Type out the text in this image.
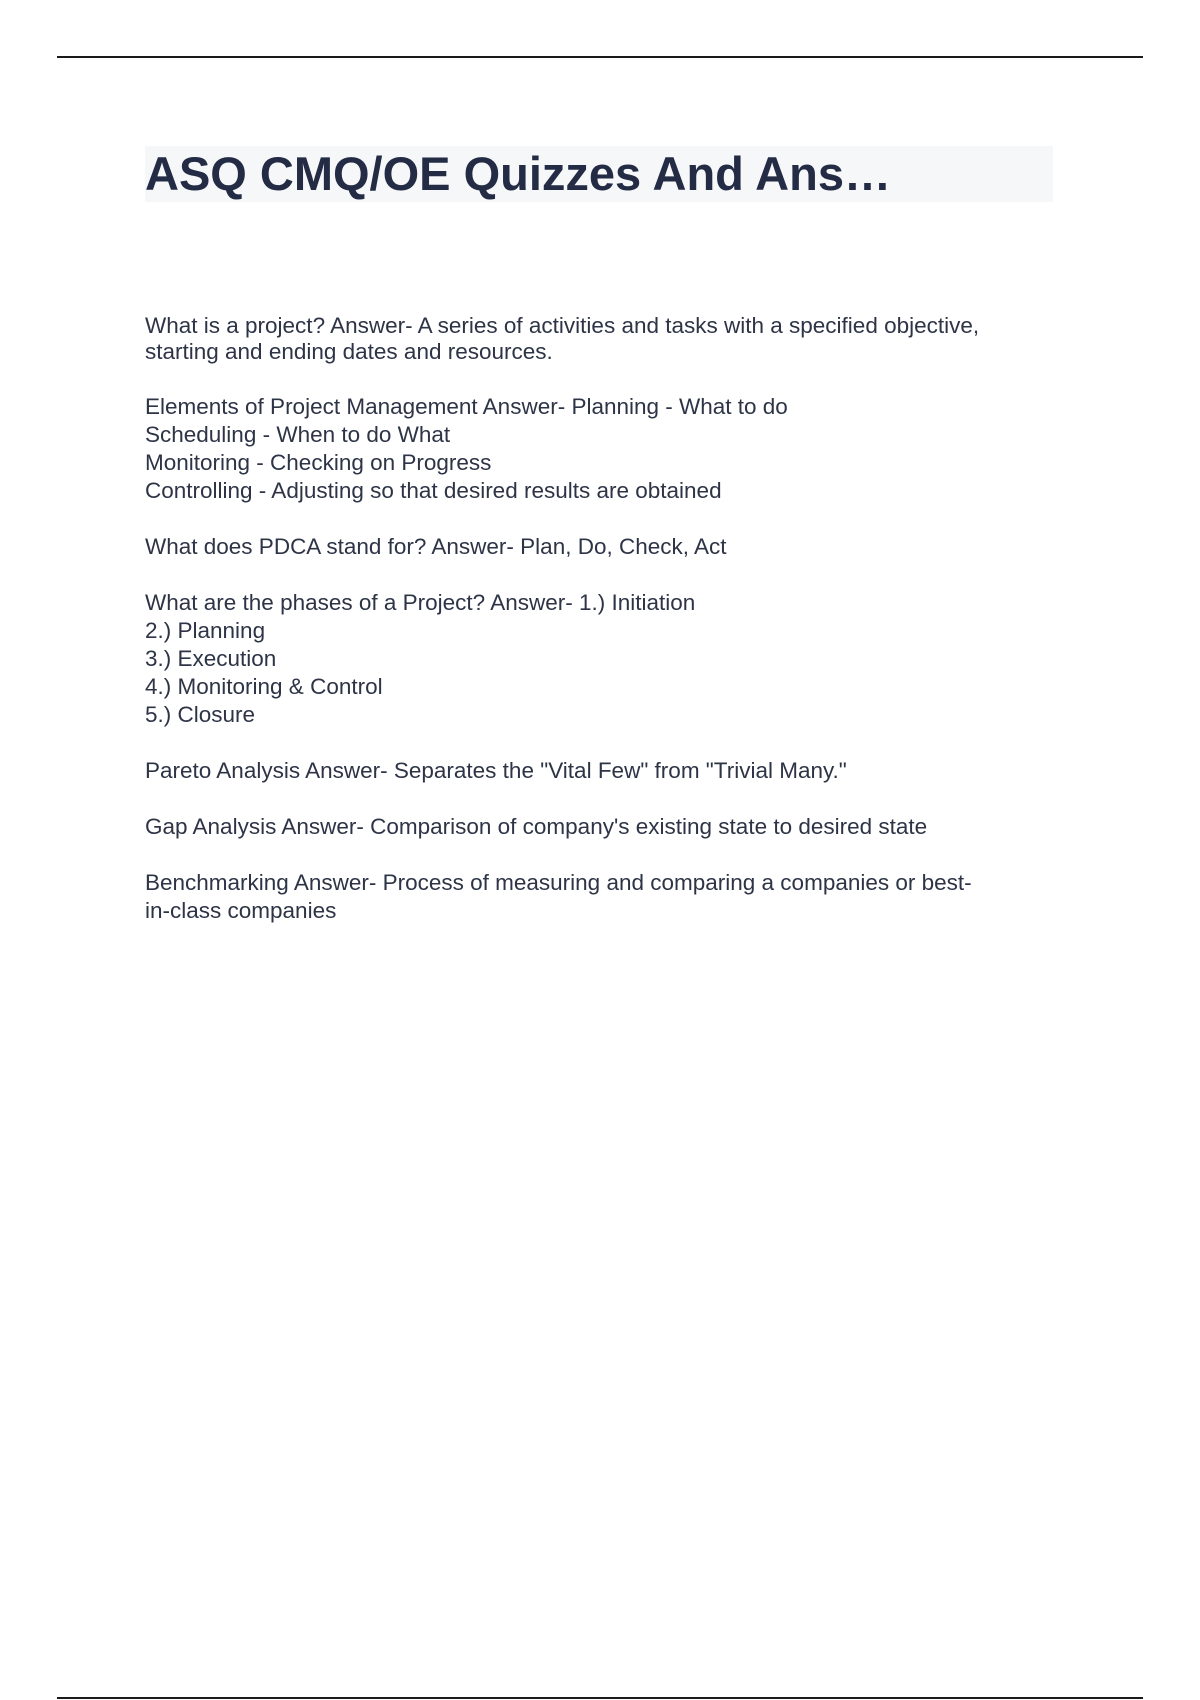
ASQ CMQ/OE Quizzes And Ans…
What is a project? Answer- A series of activities and tasks with a specified objective,
starting and ending dates and resources.
Elements of Project Management Answer- Planning - What to do
Scheduling - When to do What
Monitoring - Checking on Progress
Controlling - Adjusting so that desired results are obtained
What does PDCA stand for? Answer- Plan, Do, Check, Act
What are the phases of a Project? Answer- 1.) Initiation
2.) Planning
3.) Execution
4.) Monitoring & Control
5.) Closure
Pareto Analysis Answer- Separates the "Vital Few" from "Trivial Many."
Gap Analysis Answer- Comparison of company's existing state to desired state
Benchmarking Answer- Process of measuring and comparing a companies or best-
in-class companies
